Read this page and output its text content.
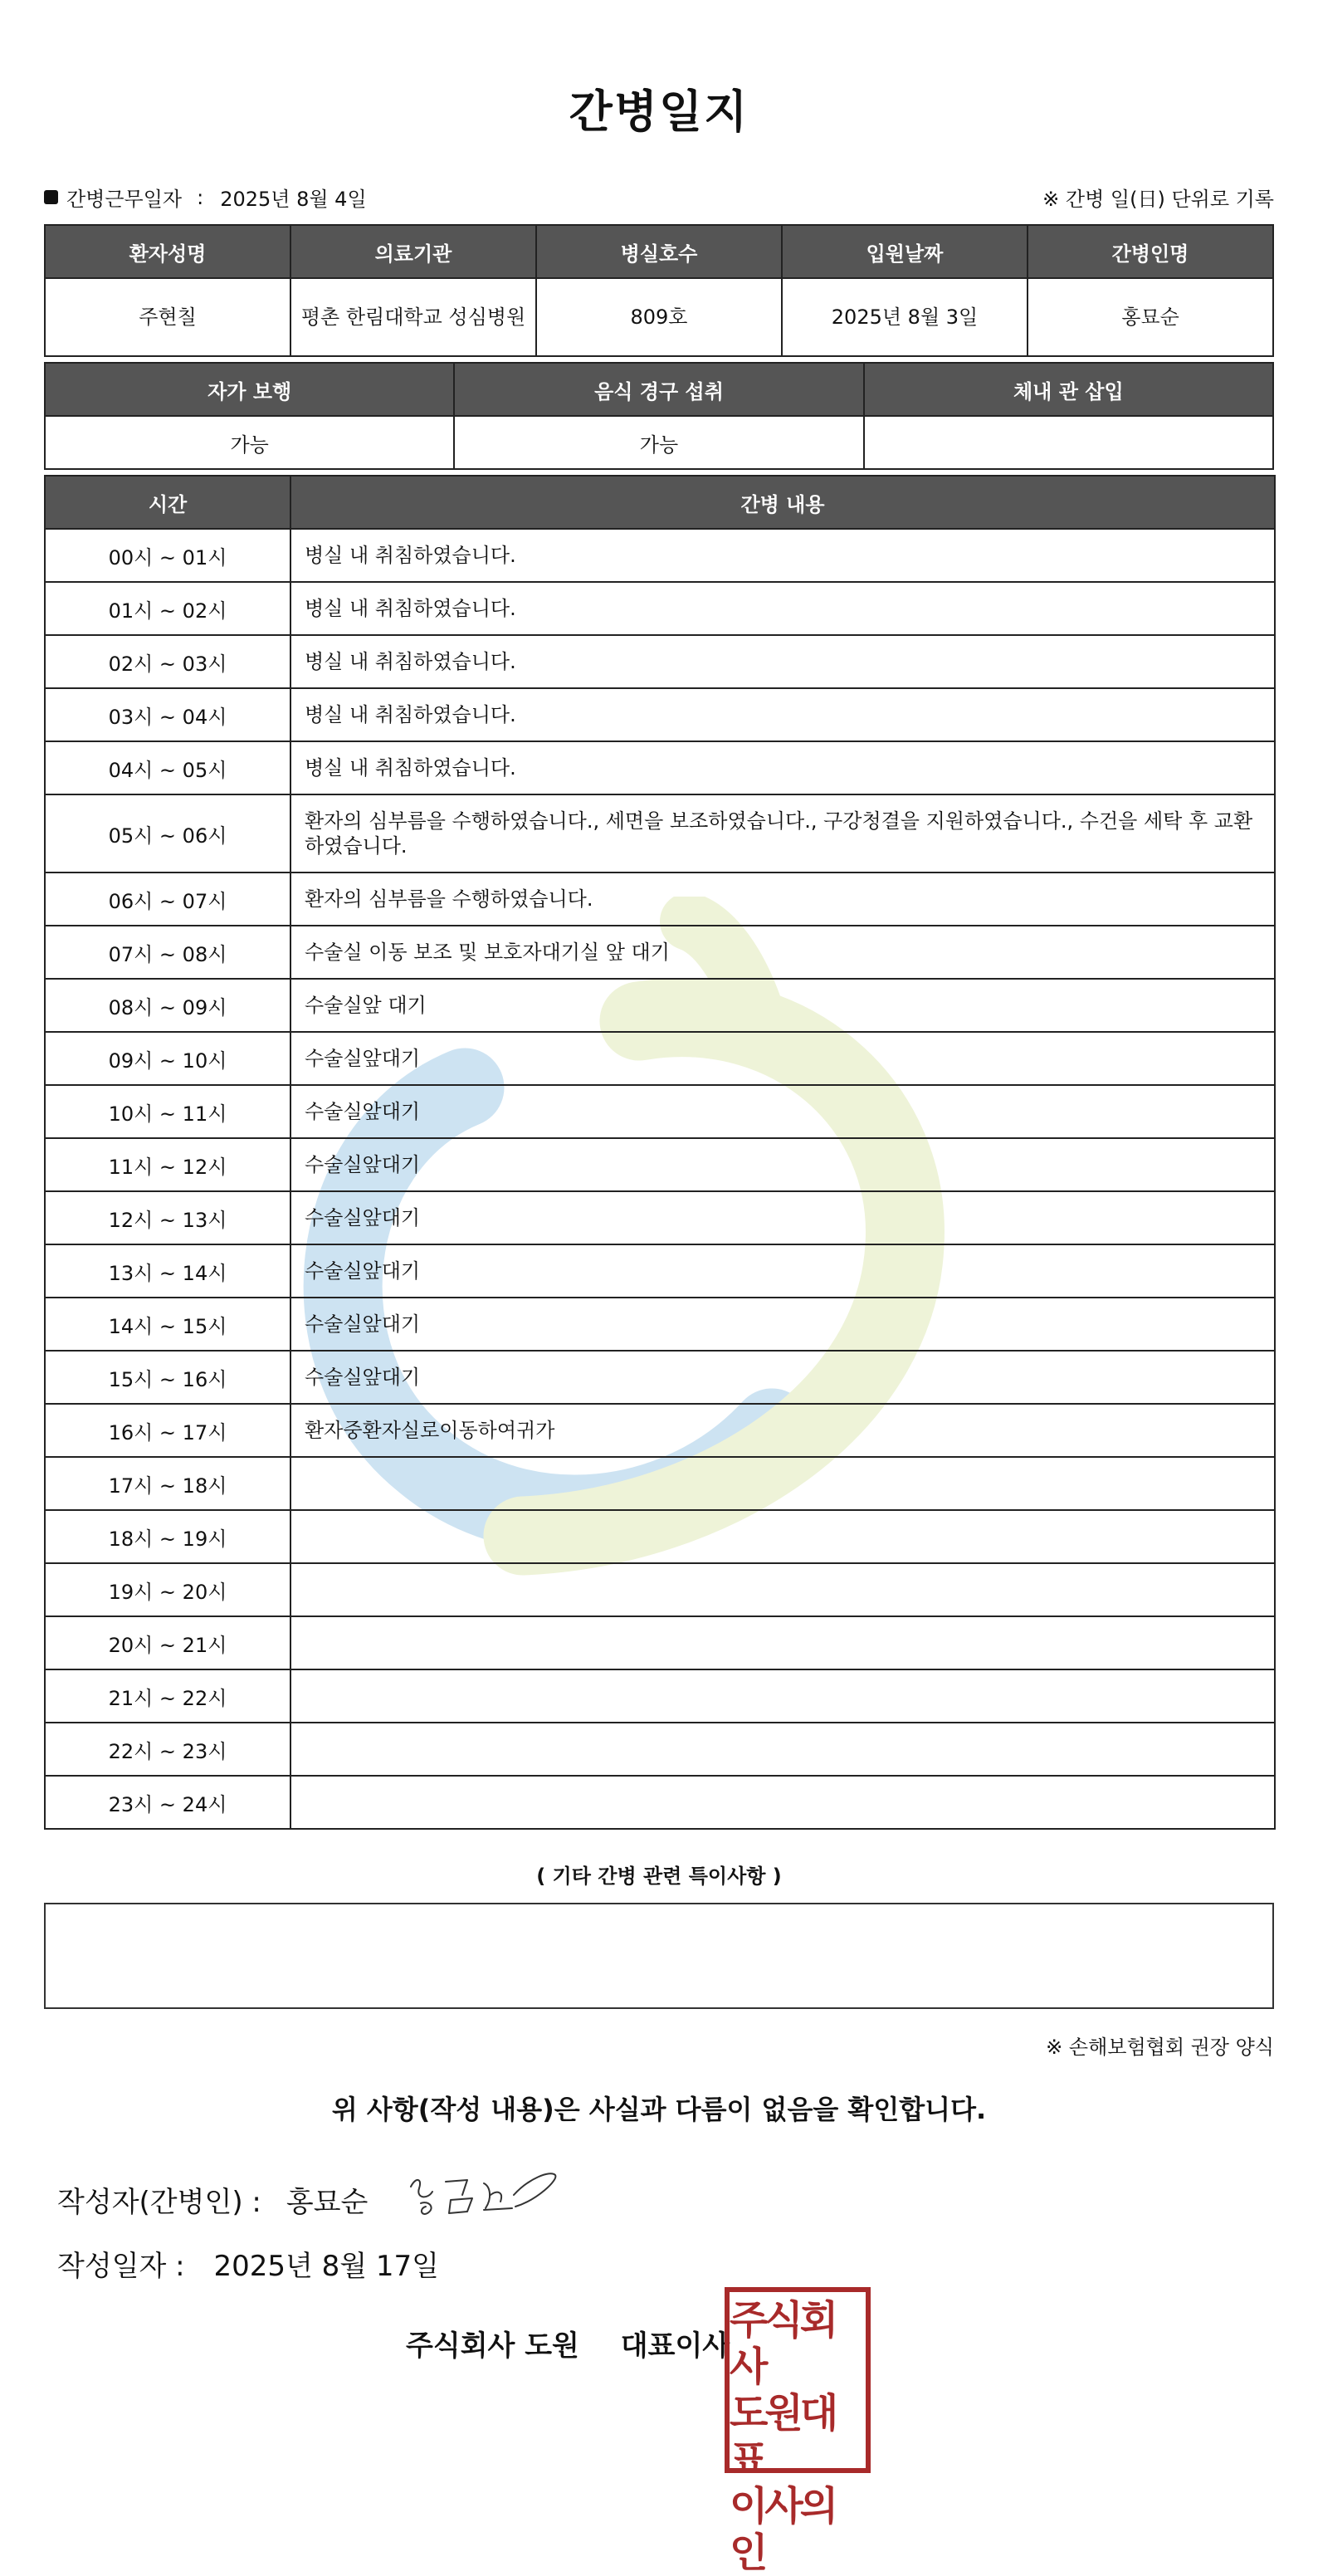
간병일지
간병근무일자 : 2025년 8월 4일	※ 간병 일(日) 단위로 기록
환자성명	의료기관	병실호수	입원날짜	간병인명
주현칠	평촌 한림대학교 성심병원	809호	2025년 8월 3일	홍묘순
자가 보행	음식 경구 섭취	체내 관 삽입
가능	가능	
시간	간병 내용
00시 ~ 01시	병실 내 취침하였습니다.
01시 ~ 02시	병실 내 취침하였습니다.
02시 ~ 03시	병실 내 취침하였습니다.
03시 ~ 04시	병실 내 취침하였습니다.
04시 ~ 05시	병실 내 취침하였습니다.
05시 ~ 06시	환자의 심부름을 수행하였습니다., 세면을 보조하였습니다., 구강청결을 지원하였습니다., 수건을 세탁 후 교환하였습니다.
06시 ~ 07시	환자의 심부름을 수행하였습니다.
07시 ~ 08시	수술실 이동 보조 및 보호자대기실 앞 대기
08시 ~ 09시	수술실앞 대기
09시 ~ 10시	수술실앞대기
10시 ~ 11시	수술실앞대기
11시 ~ 12시	수술실앞대기
12시 ~ 13시	수술실앞대기
13시 ~ 14시	수술실앞대기
14시 ~ 15시	수술실앞대기
15시 ~ 16시	수술실앞대기
16시 ~ 17시	환자중환자실로이동하여귀가
17시 ~ 18시	
18시 ~ 19시	
19시 ~ 20시	
20시 ~ 21시	
21시 ~ 22시	
22시 ~ 23시	
23시 ~ 24시	
( 기타 간병 관련 특이사항 )
※ 손해보험협회 권장 양식
위 사항(작성 내용)은 사실과 다름이 없음을 확인합니다.
작성자(간병인) : 홍묘순
작성일자 : 2025년 8월 17일
주식회사 도원 대표이사
주식회사
도원대표
이사의인
